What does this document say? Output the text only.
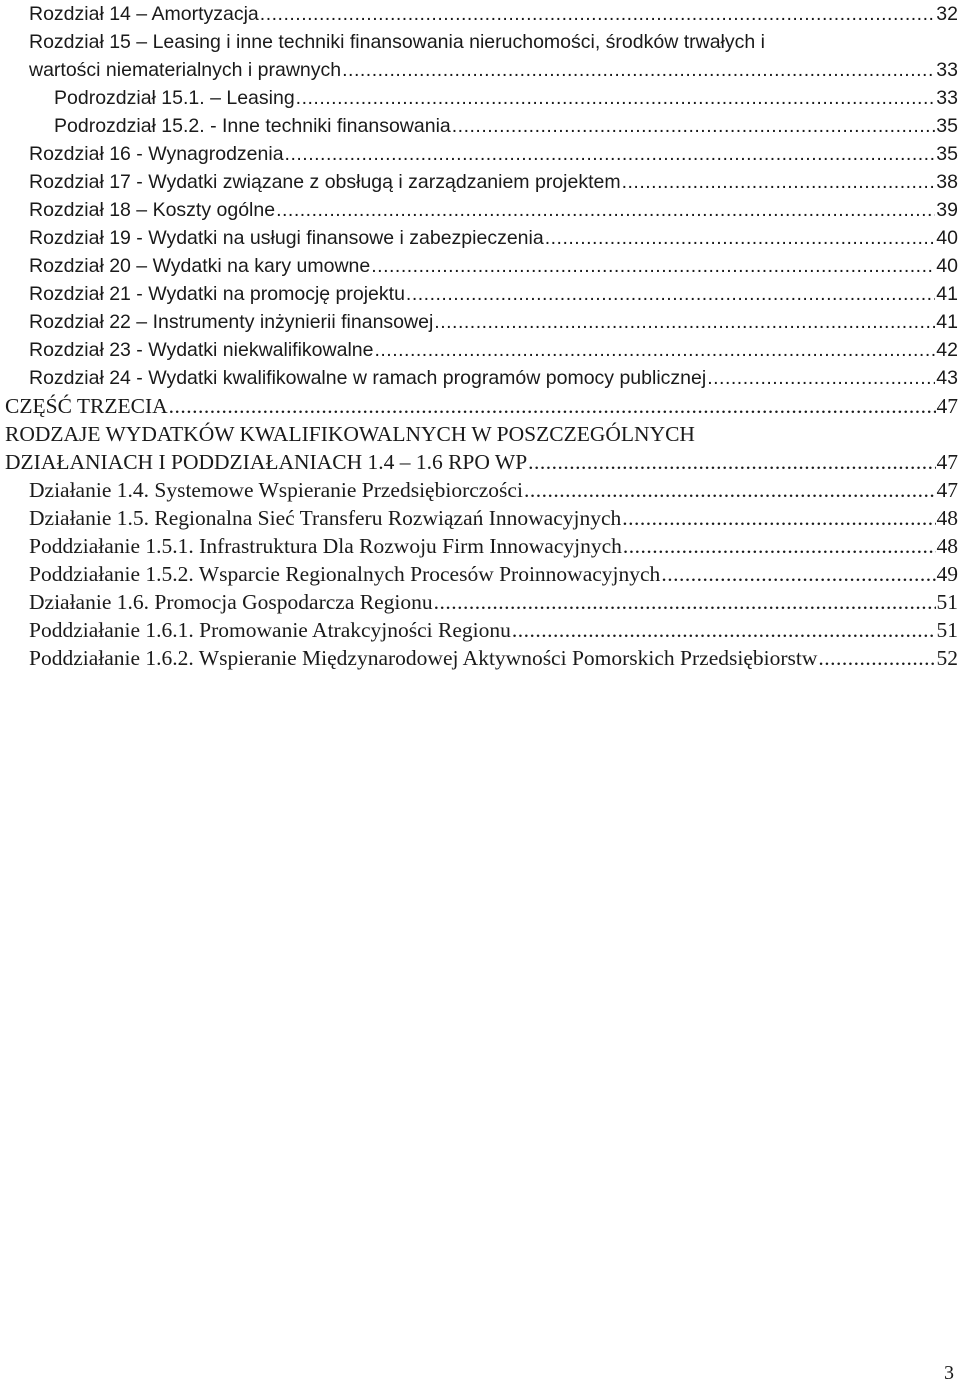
Rozdział 14 – Amortyzacja .....	32
Rozdział 15 – Leasing i inne techniki finansowania nieruchomości, środków trwałych i
wartości niematerialnych i prawnych .....	33
Podrozdział 15.1. – Leasing .....	33
Podrozdział 15.2. - Inne techniki finansowania .....	35
Rozdział 16 - Wynagrodzenia .....	35
Rozdział 17 - Wydatki związane z obsługą i zarządzaniem projektem .....	38
Rozdział 18 – Koszty ogólne .....	39
Rozdział 19 - Wydatki na usługi finansowe i zabezpieczenia .....	40
Rozdział 20 – Wydatki na kary umowne .....	40
Rozdział 21 - Wydatki na promocję projektu .....	41
Rozdział 22 – Instrumenty inżynierii finansowej .....	41
Rozdział 23 - Wydatki niekwalifikowalne .....	42
Rozdział 24 - Wydatki kwalifikowalne w ramach programów pomocy publicznej .....	43
CZĘŚĆ TRZECIA .....	47
RODZAJE WYDATKÓW KWALIFIKOWALNYCH W POSZCZEGÓLNYCH
DZIAŁANIACH I PODDZIAŁANIACH 1.4 – 1.6 RPO WP .....	47
Działanie 1.4. Systemowe Wspieranie Przedsiębiorczości .....	47
Działanie 1.5. Regionalna Sieć Transferu Rozwiązań Innowacyjnych .....	48
Poddziałanie 1.5.1. Infrastruktura Dla Rozwoju Firm Innowacyjnych .....	48
Poddziałanie 1.5.2. Wsparcie Regionalnych Procesów Proinnowacyjnych .....	49
Działanie 1.6. Promocja Gospodarcza Regionu .....	51
Poddziałanie 1.6.1. Promowanie Atrakcyjności Regionu .....	51
Poddziałanie 1.6.2. Wspieranie Międzynarodowej Aktywności Pomorskich Przedsiębiorstw .....	52
3
